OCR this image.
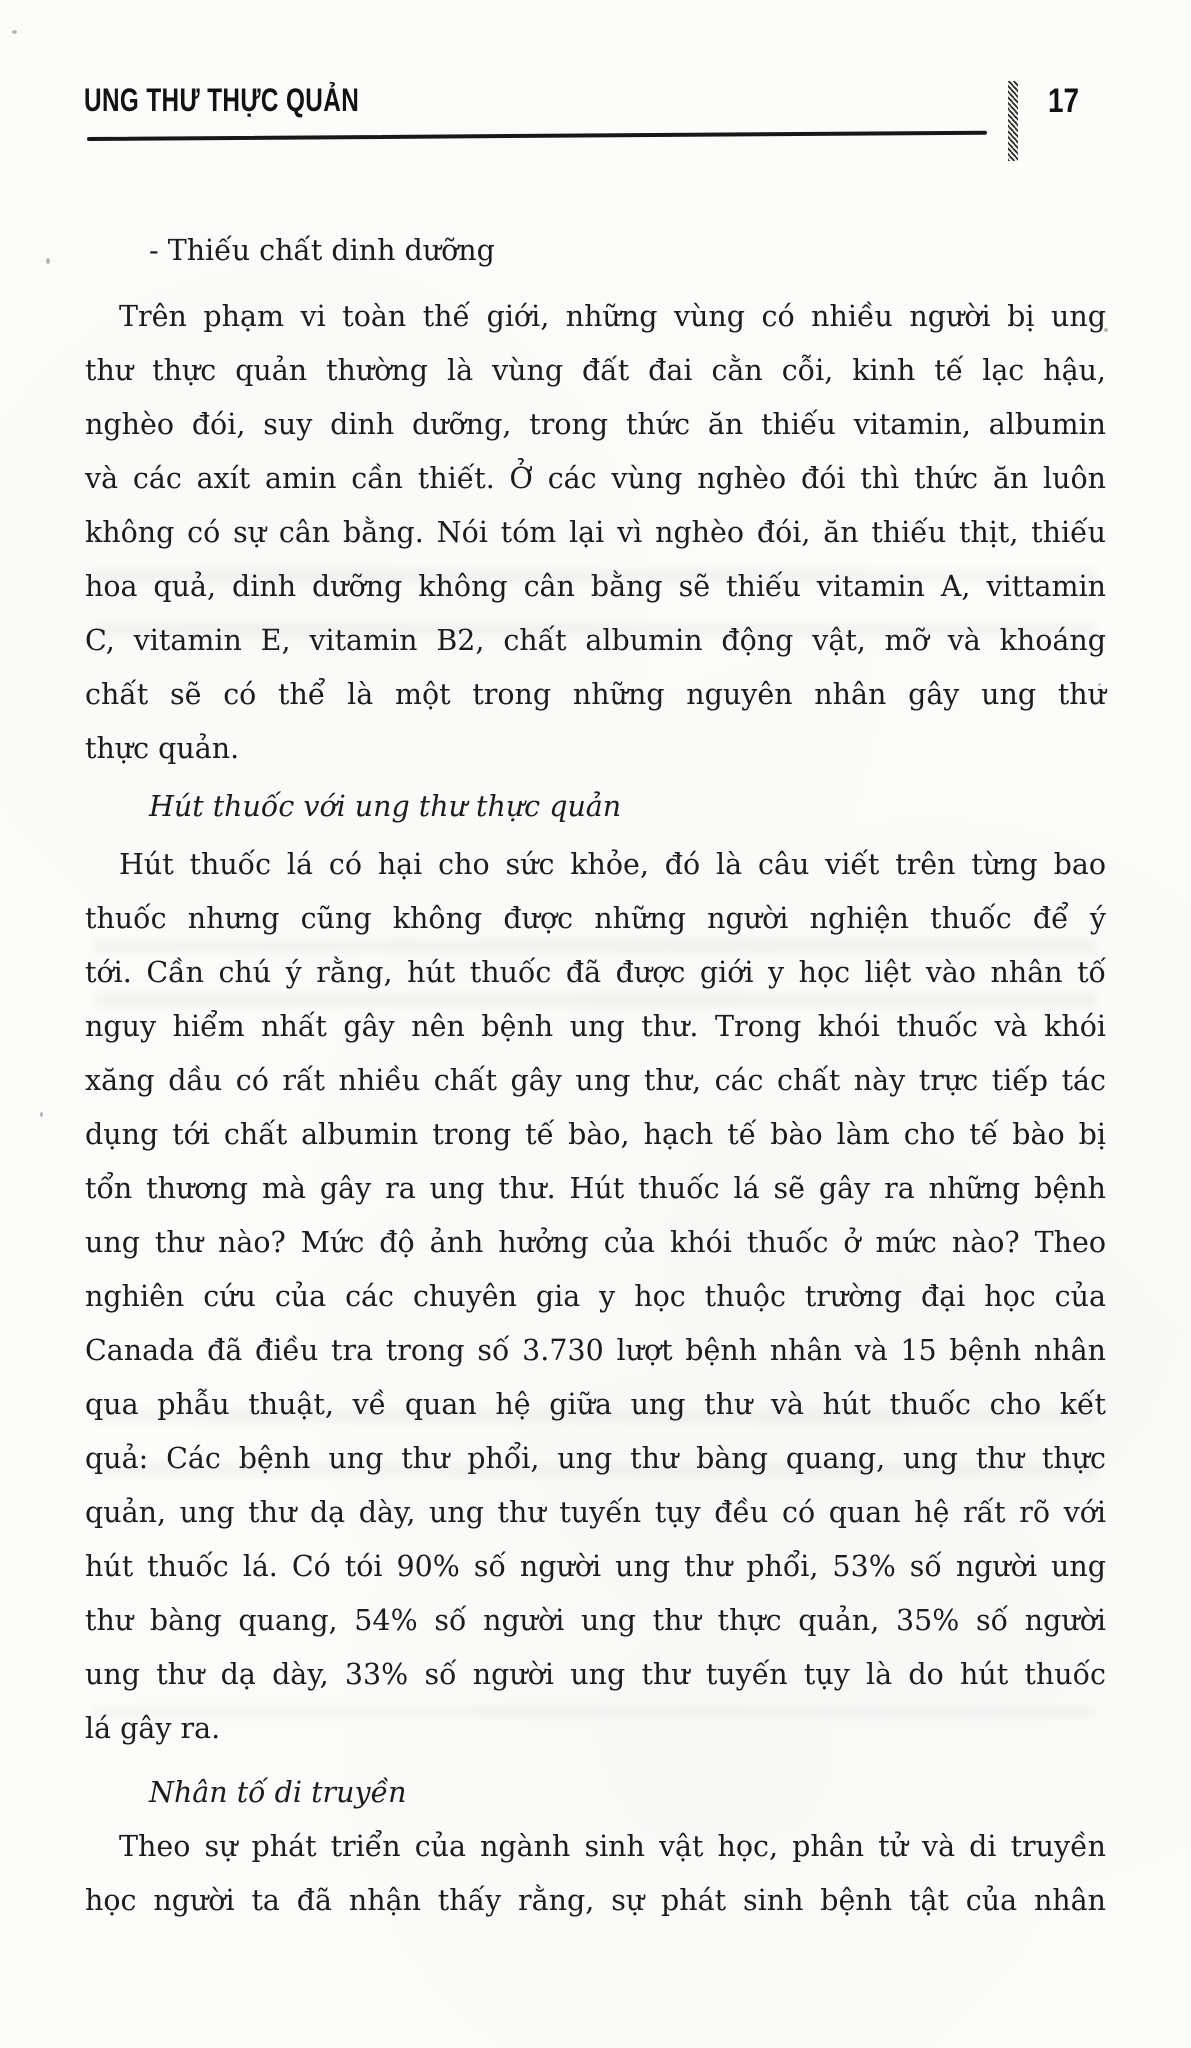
UNG THƯ THỰC QUẢN	17
- Thiếu chất dinh dưỡng
Trên phạm vi toàn thế giới, những vùng có nhiều người bị ung
thư thực quản thường là vùng đất đai cằn cỗi, kinh tế lạc hậu,
nghèo đói, suy dinh dưỡng, trong thức ăn thiếu vitamin, albumin
và các axít amin cần thiết. Ở các vùng nghèo đói thì thức ăn luôn
không có sự cân bằng. Nói tóm lại vì nghèo đói, ăn thiếu thịt, thiếu
hoa quả, dinh dưỡng không cân bằng sẽ thiếu vitamin A, vittamin
C, vitamin E, vitamin B2, chất albumin động vật, mỡ và khoáng
chất sẽ có thể là một trong những nguyên nhân gây ung thư
thực quản.
Hút thuốc với ung thư thực quản
Hút thuốc lá có hại cho sức khỏe, đó là câu viết trên từng bao
thuốc nhưng cũng không được những người nghiện thuốc để ý
tới. Cần chú ý rằng, hút thuốc đã được giới y học liệt vào nhân tố
nguy hiểm nhất gây nên bệnh ung thư. Trong khói thuốc và khói
xăng dầu có rất nhiều chất gây ung thư, các chất này trực tiếp tác
dụng tới chất albumin trong tế bào, hạch tế bào làm cho tế bào bị
tổn thương mà gây ra ung thư. Hút thuốc lá sẽ gây ra những bệnh
ung thư nào? Mức độ ảnh hưởng của khói thuốc ở mức nào? Theo
nghiên cứu của các chuyên gia y học thuộc trường đại học của
Canada đã điều tra trong số 3.730 lượt bệnh nhân và 15 bệnh nhân
qua phẫu thuật, về quan hệ giữa ung thư và hút thuốc cho kết
quả: Các bệnh ung thư phổi, ung thư bàng quang, ung thư thực
quản, ung thư dạ dày, ung thư tuyến tụy đều có quan hệ rất rõ với
hút thuốc lá. Có tói 90% số người ung thư phổi, 53% số người ung
thư bàng quang, 54% số người ung thư thực quản, 35% số người
ung thư dạ dày, 33% số người ung thư tuyến tụy là do hút thuốc
lá gây ra.
Nhân tố di truyền
Theo sự phát triển của ngành sinh vật học, phân tử và di truyền
học người ta đã nhận thấy rằng, sự phát sinh bệnh tật của nhân
